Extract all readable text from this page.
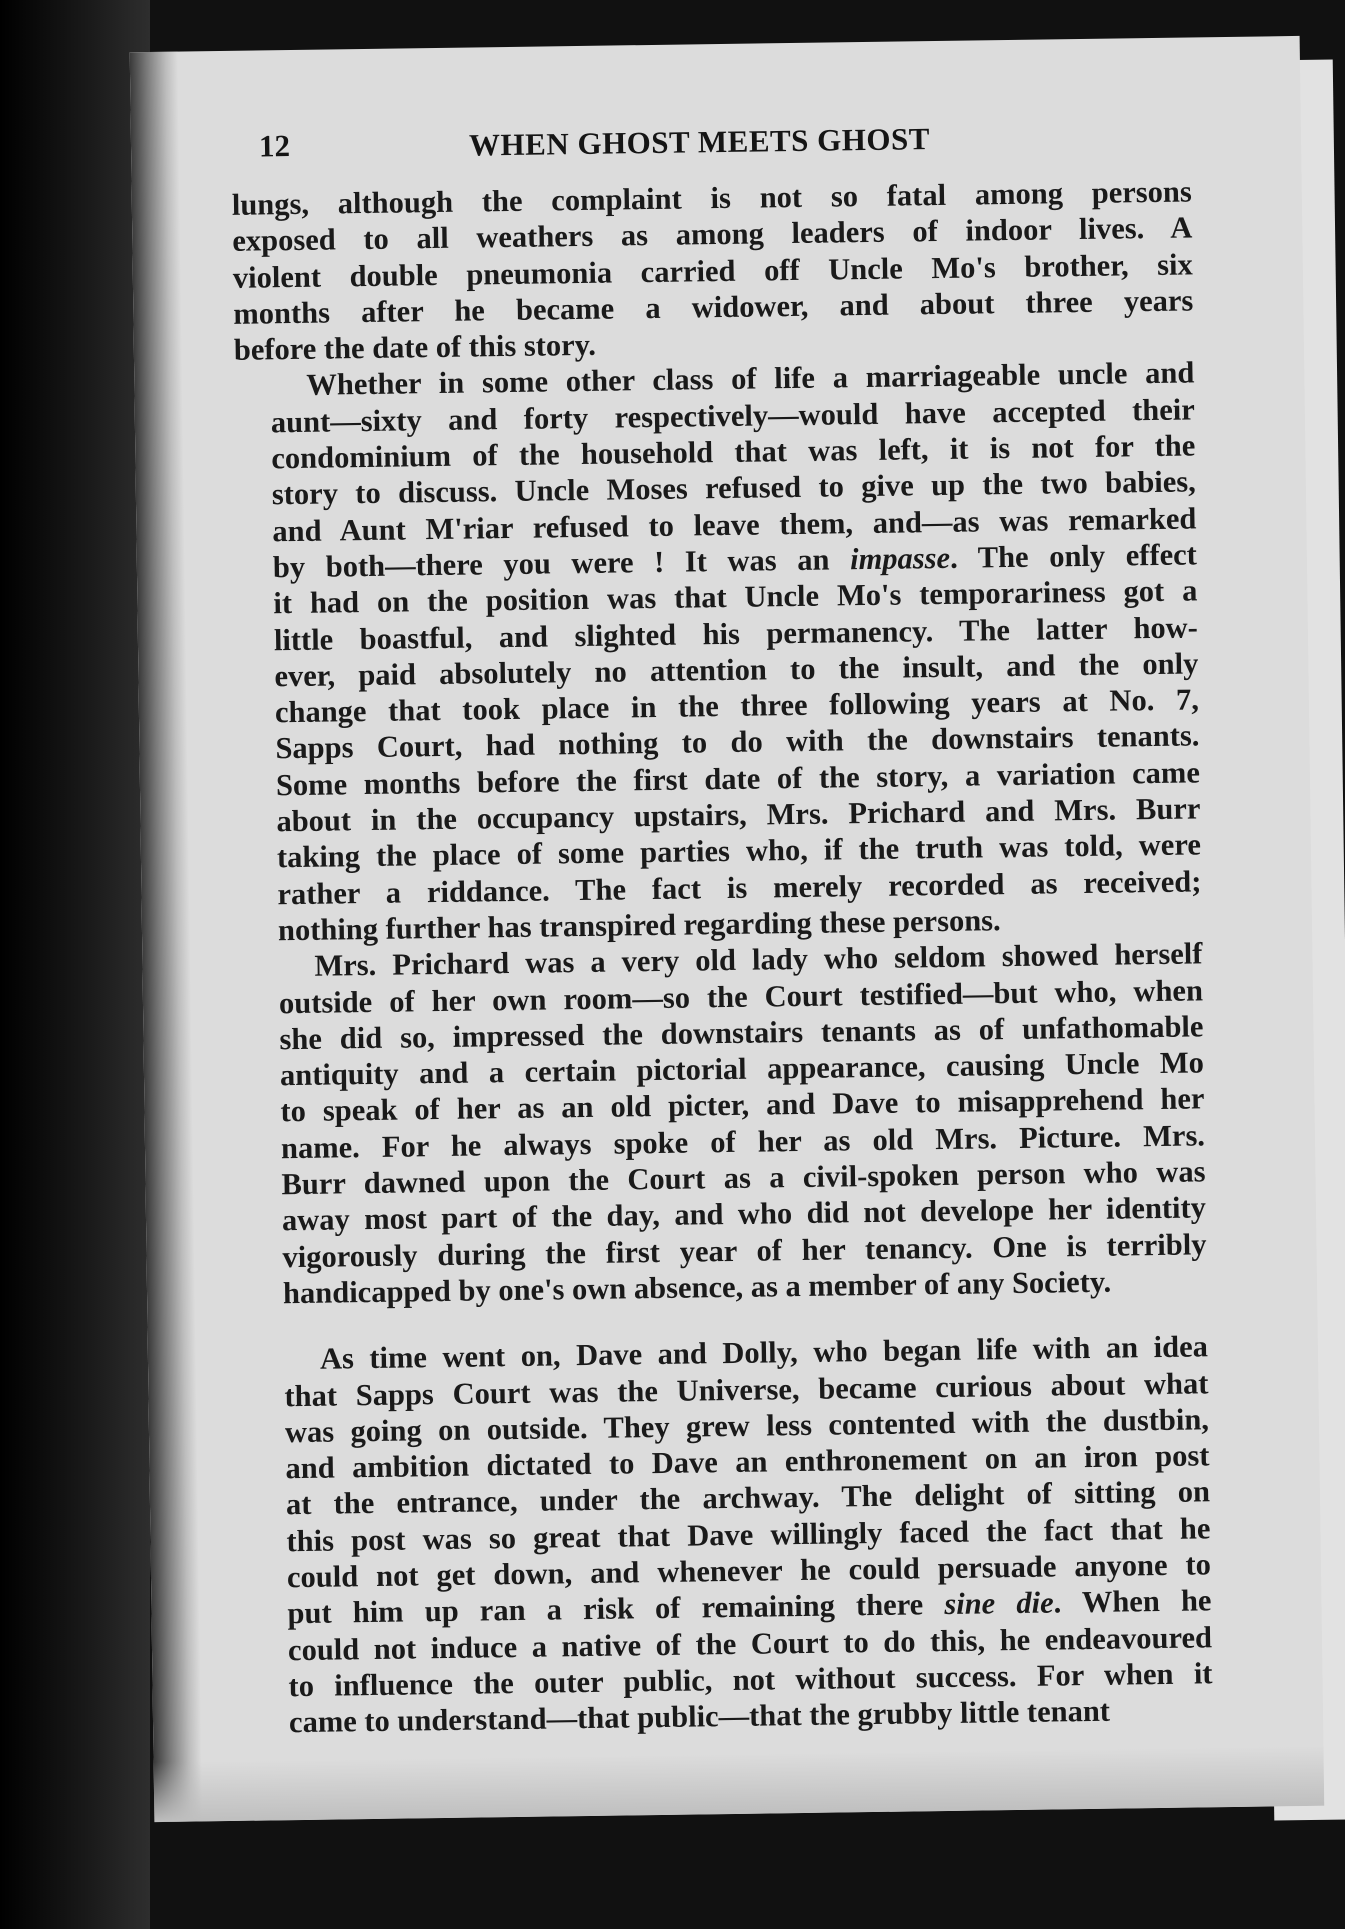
12	WHEN GHOST MEETS GHOST
lungs, although the complaint is not so fatal among persons
exposed to all weathers as among leaders of indoor lives. A
violent double pneumonia carried off Uncle Mo's brother, six
months after he became a widower, and about three years
before the date of this story.
Whether in some other class of life a marriageable uncle and
aunt—sixty and forty respectively—would have accepted their
condominium of the household that was left, it is not for the
story to discuss. Uncle Moses refused to give up the two babies,
and Aunt M'riar refused to leave them, and—as was remarked
by both—there you were ! It was an impasse. The only effect
it had on the position was that Uncle Mo's temporariness got a
little boastful, and slighted his permanency. The latter how-
ever, paid absolutely no attention to the insult, and the only
change that took place in the three following years at No. 7,
Sapps Court, had nothing to do with the downstairs tenants.
Some months before the first date of the story, a variation came
about in the occupancy upstairs, Mrs. Prichard and Mrs. Burr
taking the place of some parties who, if the truth was told, were
rather a riddance. The fact is merely recorded as received;
nothing further has transpired regarding these persons.
Mrs. Prichard was a very old lady who seldom showed herself
outside of her own room—so the Court testified—but who, when
she did so, impressed the downstairs tenants as of unfathomable
antiquity and a certain pictorial appearance, causing Uncle Mo
to speak of her as an old picter, and Dave to misapprehend her
name. For he always spoke of her as old Mrs. Picture. Mrs.
Burr dawned upon the Court as a civil-spoken person who was
away most part of the day, and who did not develope her identity
vigorously during the first year of her tenancy. One is terribly
handicapped by one's own absence, as a member of any Society.
As time went on, Dave and Dolly, who began life with an idea
that Sapps Court was the Universe, became curious about what
was going on outside. They grew less contented with the dustbin,
and ambition dictated to Dave an enthronement on an iron post
at the entrance, under the archway. The delight of sitting on
this post was so great that Dave willingly faced the fact that he
could not get down, and whenever he could persuade anyone to
put him up ran a risk of remaining there sine die. When he
could not induce a native of the Court to do this, he endeavoured
to influence the outer public, not without success. For when it
came to understand—that public—that the grubby little tenant
